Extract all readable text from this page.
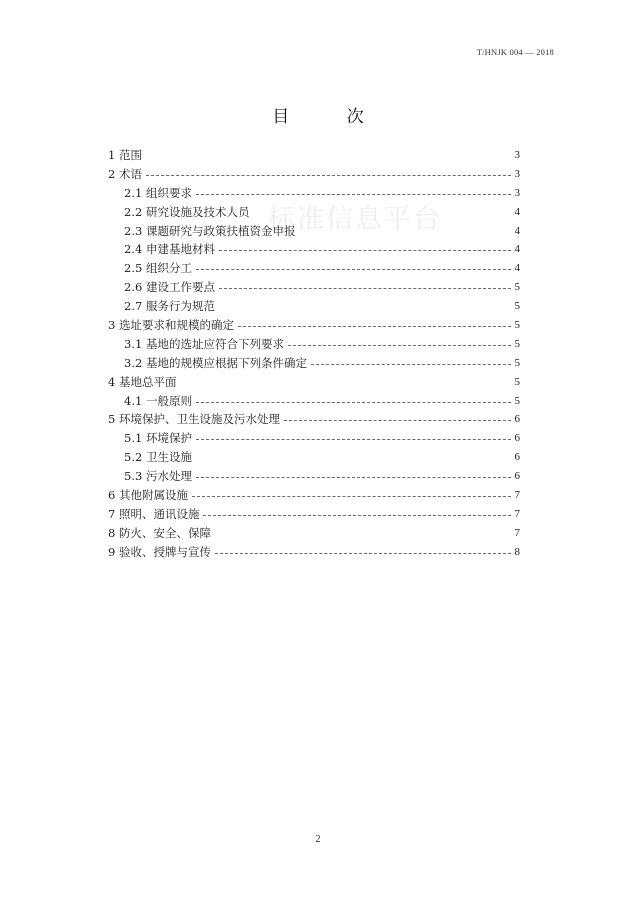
T/HNJK 004 — 2018
标准信息平台
目 次
1 范围	3
2 术语	3
2.1 组织要求	3
2.2 研究设施及技术人员	4
2.3 课题研究与政策扶植资金申报	4
2.4 申建基地材料	4
2.5 组织分工	4
2.6 建设工作要点	5
2.7 服务行为规范	5
3 选址要求和规模的确定	5
3.1 基地的选址应符合下列要求	5
3.2 基地的规模应根据下列条件确定	5
4 基地总平面	5
4.1 一般原则	5
5 环境保护、卫生设施及污水处理	6
5.1 环境保护	6
5.2 卫生设施	6
5.3 污水处理	6
6 其他附属设施	7
7 照明、通讯设施	7
8 防火、安全、保障	7
9 验收、授牌与宣传	8
2
